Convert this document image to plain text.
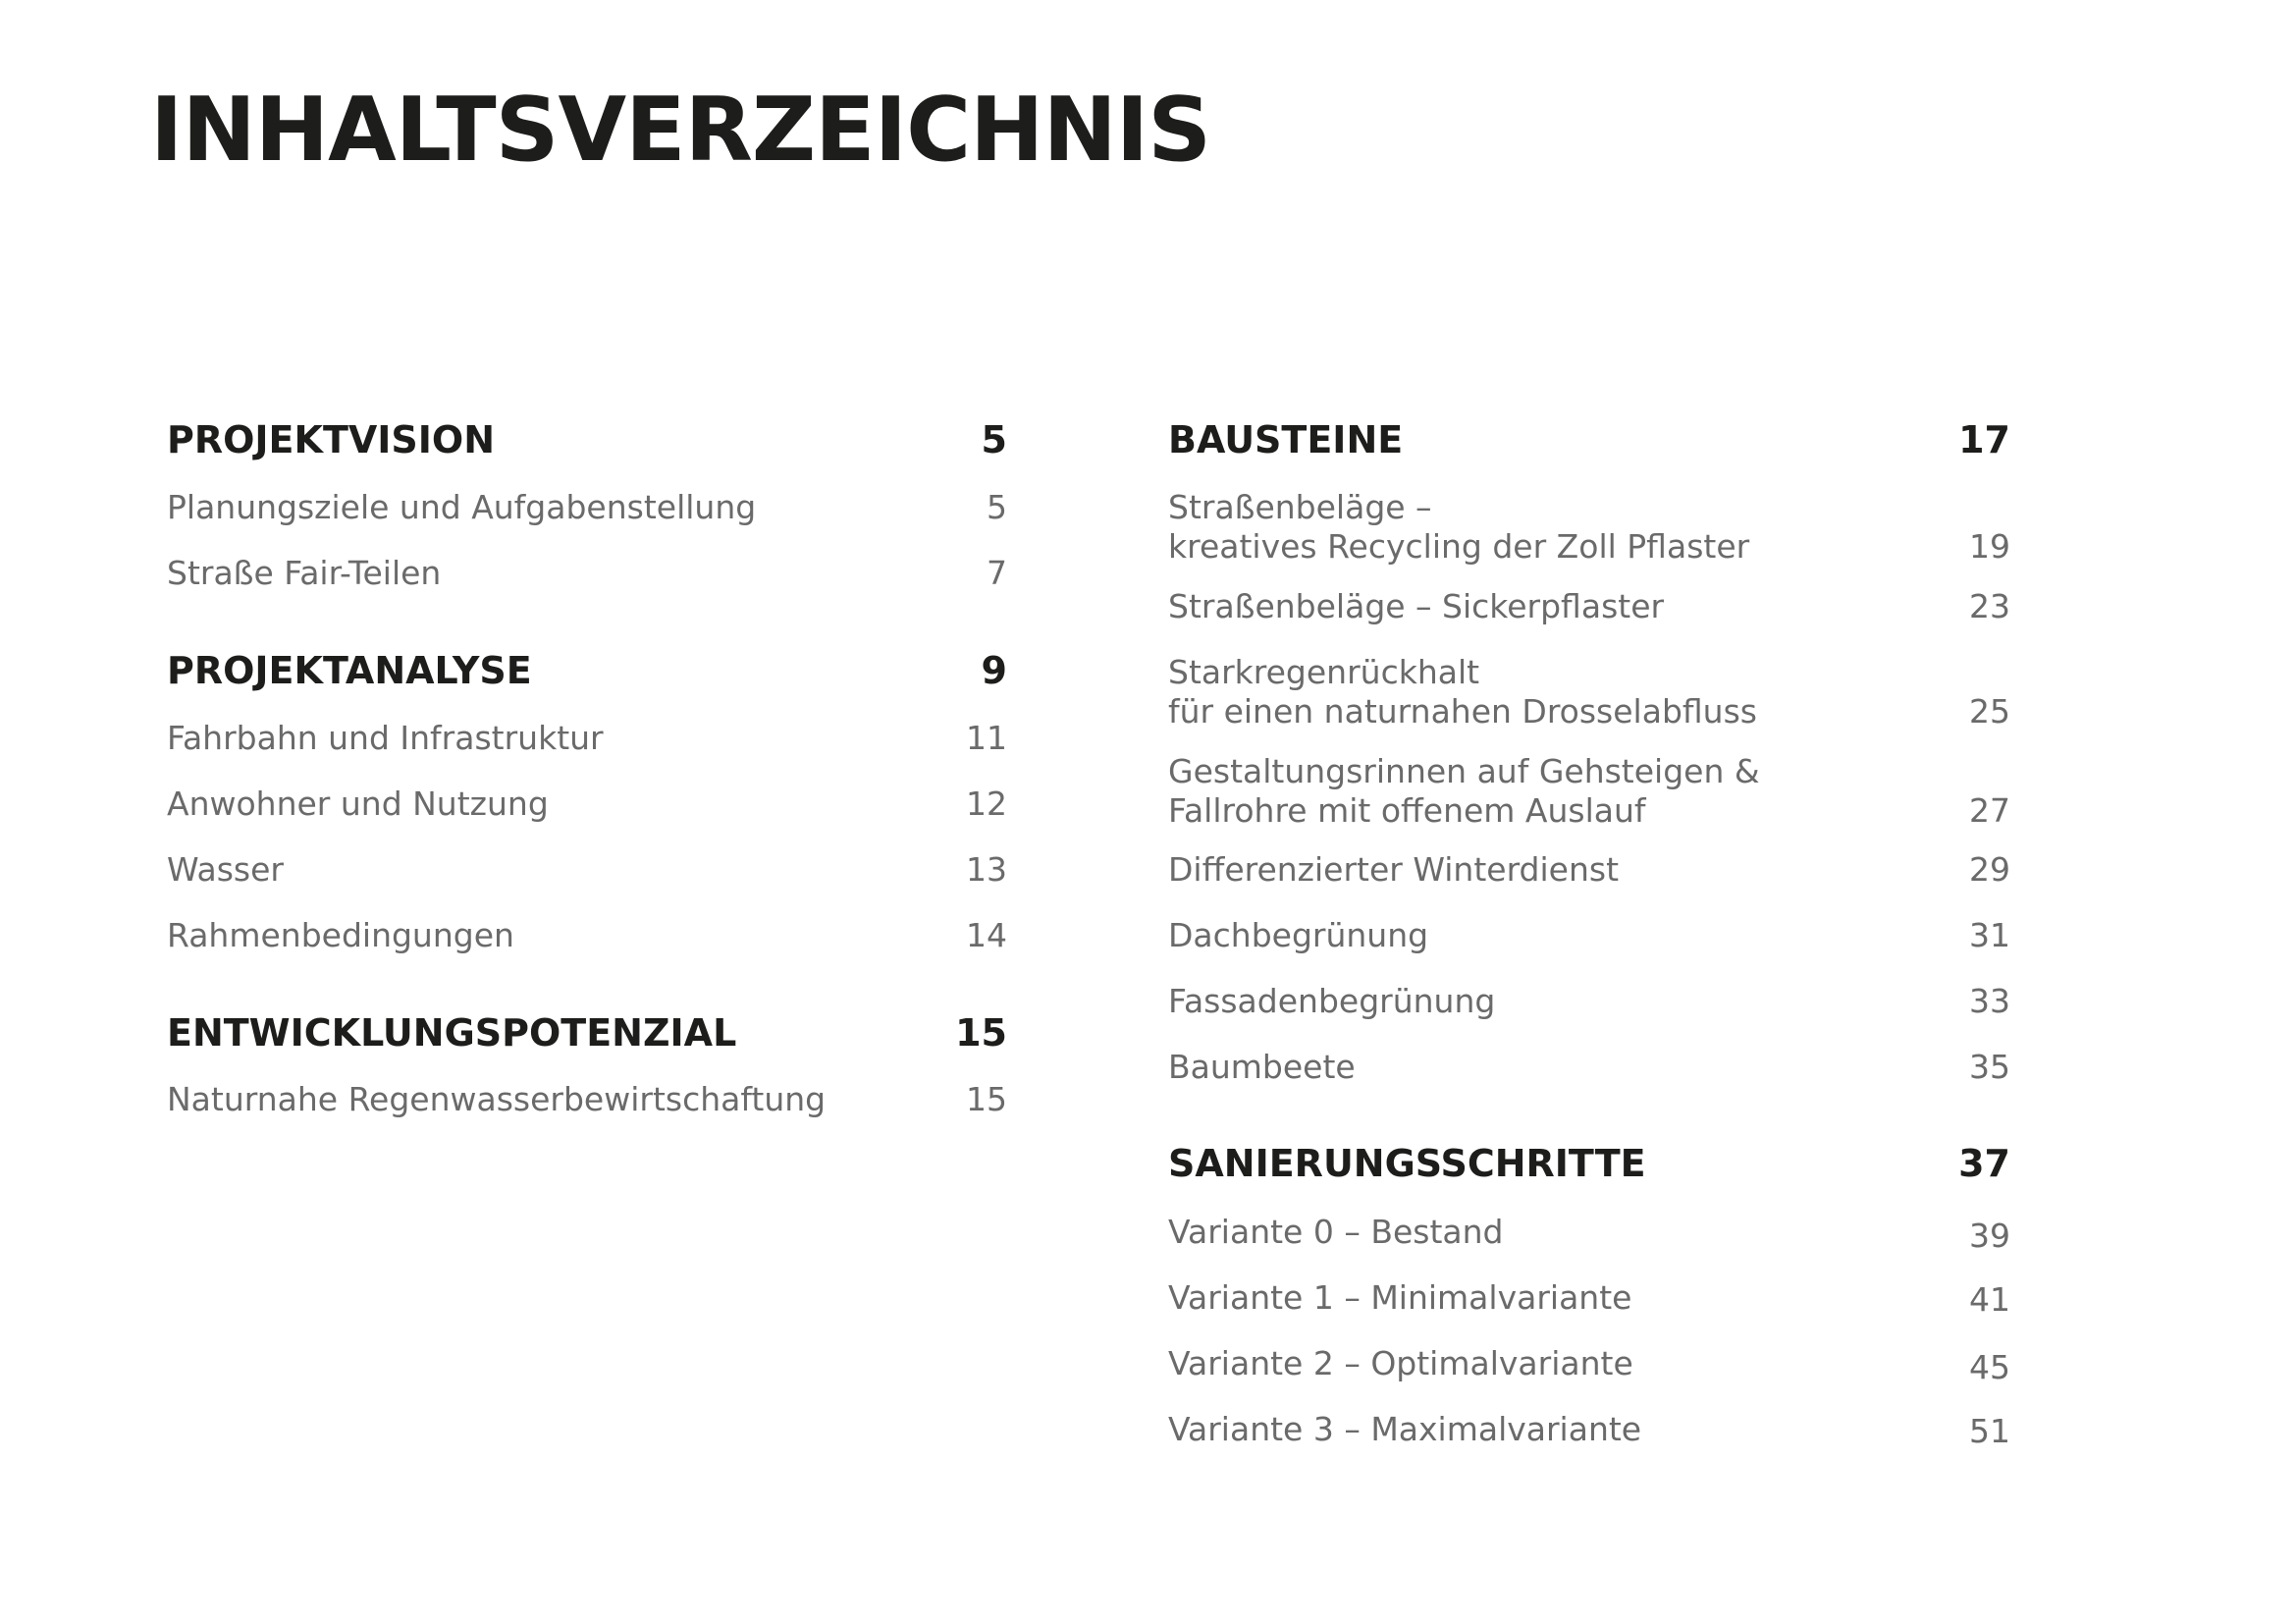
INHALTSVERZEICHNIS
PROJEKTVISION	5
Planungsziele und Aufgabenstellung	5
Straße Fair-Teilen	7
PROJEKTANALYSE	9
Fahrbahn und Infrastruktur	11
Anwohner und Nutzung	12
Wasser	13
Rahmenbedingungen	14
ENTWICKLUNGSPOTENZIAL	15
Naturnahe Regenwasserbewirtschaftung	15
BAUSTEINE	17
Straßenbeläge –
kreatives Recycling der Zoll Pflaster	19
Straßenbeläge – Sickerpflaster	23
Starkregenrückhalt
für einen naturnahen Drosselabfluss	25
Gestaltungsrinnen auf Gehsteigen &
Fallrohre mit offenem Auslauf	27
Differenzierter Winterdienst	29
Dachbegrünung	31
Fassadenbegrünung	33
Baumbeete	35
SANIERUNGSSCHRITTE	37
Variante 0 – Bestand	39
Variante 1 – Minimalvariante	41
Variante 2 – Optimalvariante	45
Variante 3 – Maximalvariante	51
